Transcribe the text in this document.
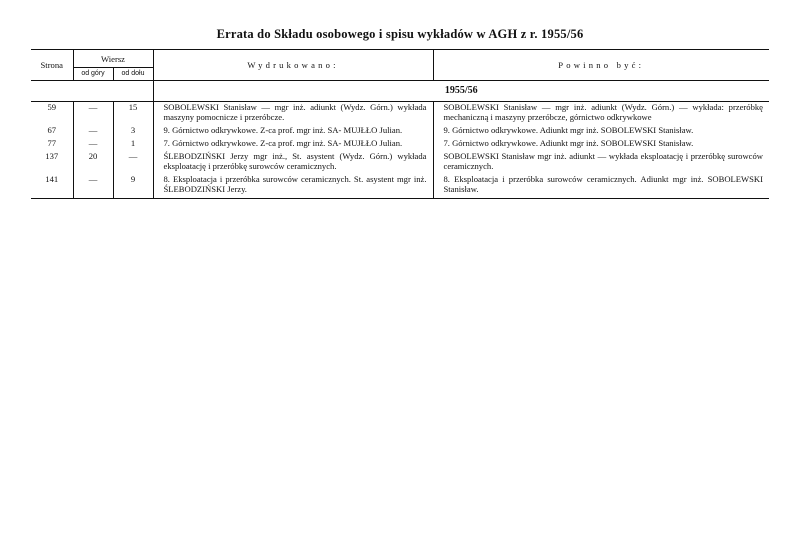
Errata do Składu osobowego i spisu wykładów w AGH z r. 1955/56
Strona	Wiersz		Wydrukowano:	Powinno być:
	od góry	od dołu		
			1955/56	
59	—	15	SOBOLEWSKI Stanisław — mgr inż. adiunkt (Wydz. Górn.) wykłada maszyny pomocnicze i przeróbcze.	SOBOLEWSKI Stanisław — mgr inż. adiunkt (Wydz. Górn.) — wykłada: przeróbkę mechaniczną i maszyny przeróbcze, górnictwo odkrywkowe
67	—	3	9. Górnictwo odkrywkowe. Z-ca prof. mgr inż. SA- MUJŁŁO Julian.	9. Górnictwo odkrywkowe. Adiunkt mgr inż. SOBOLEWSKI Stanisław.
77	—	1	7. Górnictwo odkrywkowe. Z-ca prof. mgr inż. SA- MUJŁŁO Julian.	7. Górnictwo odkrywkowe. Adiunkt mgr inż. SOBOLEWSKI Stanisław.
137	20	—	ŚLEBODZIŃSKI Jerzy mgr inż., St. asystent (Wydz. Górn.) wykłada eksploatację i przeróbkę surowców ceramicznych.	SOBOLEWSKI Stanisław mgr inż. adiunkt — wykłada eksploatację i przeróbkę surowców ceramicznych.
141	—	9	8. Eksploatacja i przeróbka surowców ceramicznych. St. asystent mgr inż. ŚLEBODZIŃSKI Jerzy.	8. Eksploatacja i przeróbka surowców ceramicznych. Adiunkt mgr inż. SOBOLEWSKI Stanisław.
